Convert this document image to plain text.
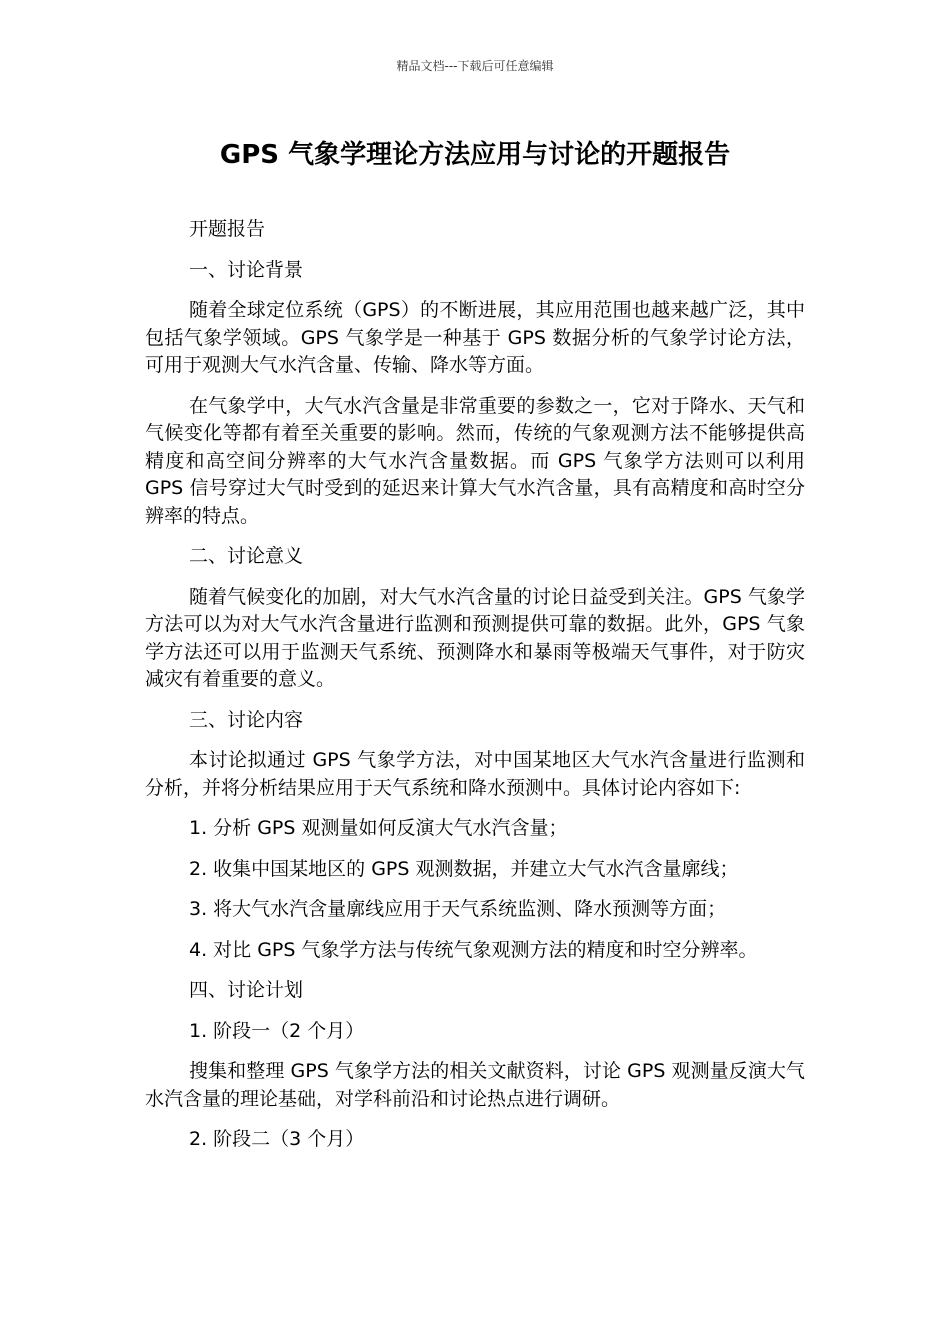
精品文档---下载后可任意编辑
GPS 气象学理论方法应用与讨论的开题报告

开题报告

一、讨论背景

随着全球定位系统（GPS）的不断进展，其应用范围也越来越广泛，其中包括气象学领域。GPS 气象学是一种基于 GPS 数据分析的气象学讨论方法，可用于观测大气水汽含量、传输、降水等方面。

在气象学中，大气水汽含量是非常重要的参数之一，它对于降水、天气和气候变化等都有着至关重要的影响。然而，传统的气象观测方法不能够提供高精度和高空间分辨率的大气水汽含量数据。而 GPS 气象学方法则可以利用 GPS 信号穿过大气时受到的延迟来计算大气水汽含量，具有高精度和高时空分辨率的特点。

二、讨论意义

随着气候变化的加剧，对大气水汽含量的讨论日益受到关注。GPS 气象学方法可以为对大气水汽含量进行监测和预测提供可靠的数据。此外，GPS 气象学方法还可以用于监测天气系统、预测降水和暴雨等极端天气事件，对于防灾减灾有着重要的意义。

三、讨论内容

本讨论拟通过 GPS 气象学方法，对中国某地区大气水汽含量进行监测和分析，并将分析结果应用于天气系统和降水预测中。具体讨论内容如下:

1. 分析 GPS 观测量如何反演大气水汽含量；

2. 收集中国某地区的 GPS 观测数据，并建立大气水汽含量廓线；

3. 将大气水汽含量廓线应用于天气系统监测、降水预测等方面；

4. 对比 GPS 气象学方法与传统气象观测方法的精度和时空分辨率。

四、讨论计划

1. 阶段一（2 个月）

搜集和整理 GPS 气象学方法的相关文献资料，讨论 GPS 观测量反演大气水汽含量的理论基础，对学科前沿和讨论热点进行调研。

2. 阶段二（3 个月）
